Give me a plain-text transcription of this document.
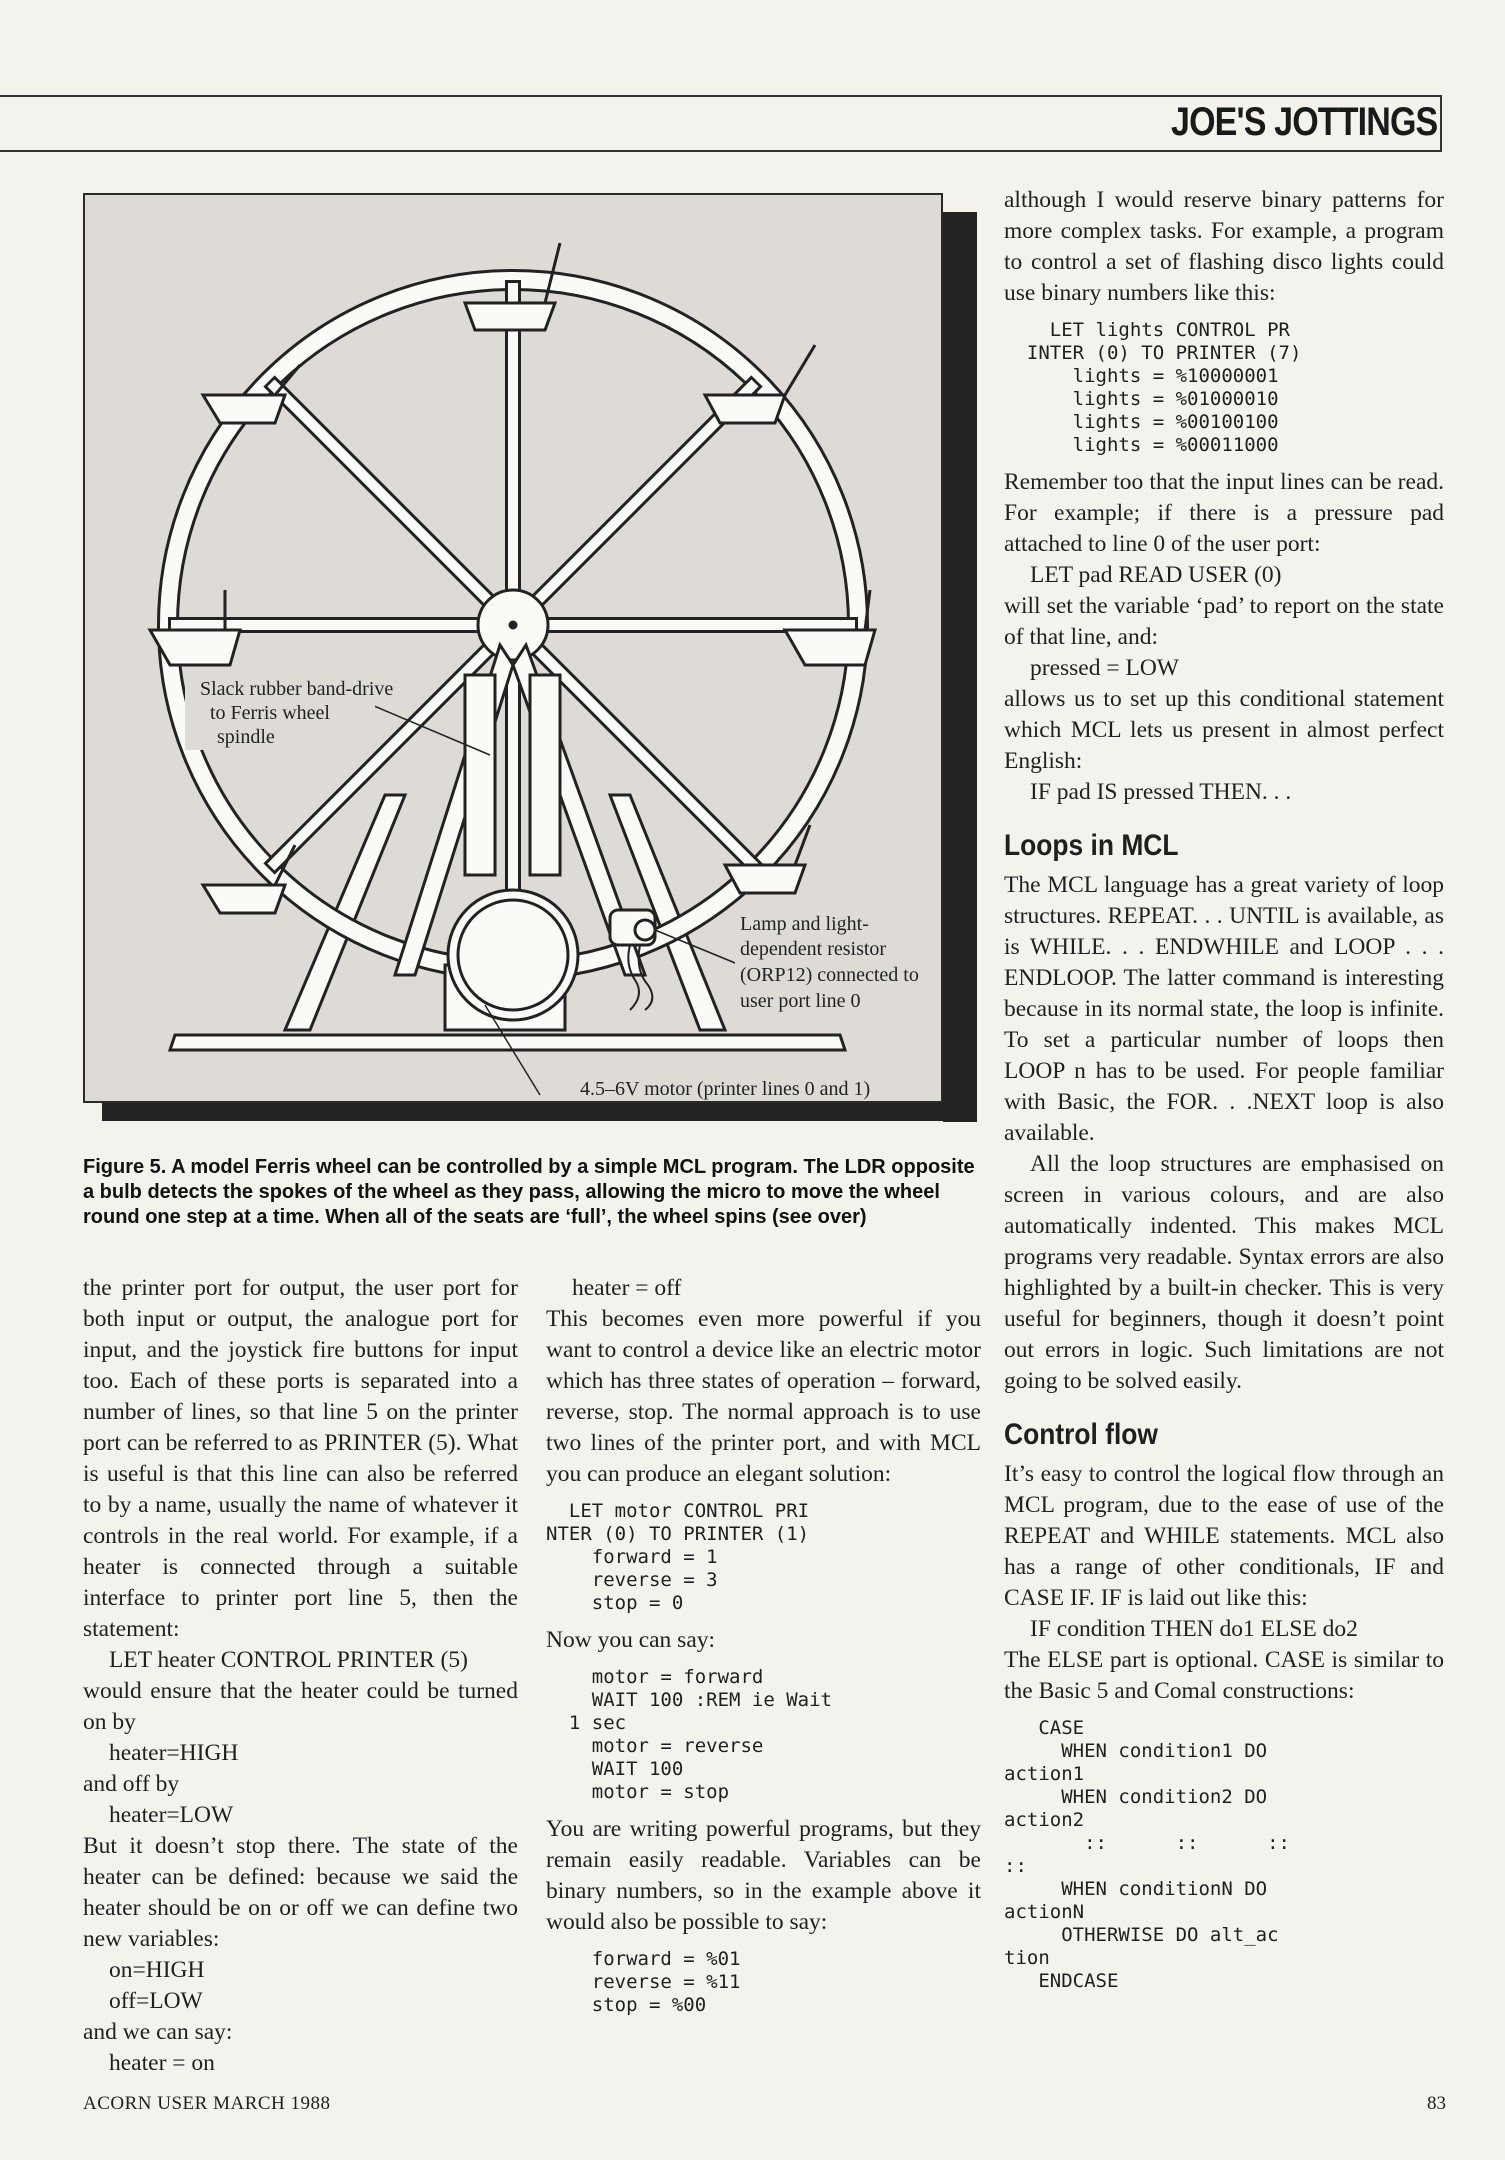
JOE'S JOTTINGS
Slack rubber band-drive
to Ferris wheel
spindle
Lamp and light-
dependent resistor
(ORP12) connected to
user port line 0
4.5–6V motor (printer lines 0 and 1)
Figure 5. A model Ferris wheel can be controlled by a simple MCL program. The LDR opposite a bulb detects the spokes of the wheel as they pass, allowing the micro to move the wheel round one step at a time. When all of the seats are ‘full’, the wheel spins (see over)

the printer port for output, the user port for both input or output, the analogue port for input, and the joystick fire buttons for input too. Each of these ports is separated into a number of lines, so that line 5 on the printer port can be referred to as PRINTER (5). What is useful is that this line can also be referred to by a name, usually the name of whatever it controls in the real world. For example, if a heater is connected through a suitable interface to printer port line 5, then the statement:

LET heater CONTROL PRINTER (5)

would ensure that the heater could be turned on by

heater=HIGH

and off by

heater=LOW

But it doesn’t stop there. The state of the heater can be defined: because we said the heater should be on or off we can define two new variables:

on=HIGH

off=LOW

and we can say:

heater = on

heater = off

This becomes even more powerful if you want to control a device like an electric motor which has three states of operation – forward, reverse, stop. The normal approach is to use two lines of the printer port, and with MCL you can produce an elegant solution:

LET motor CONTROL PRI
NTER (0) TO PRINTER (1)
forward = 1
reverse = 3
stop = 0

Now you can say:

motor = forward
WAIT 100 :REM ie Wait
1 sec
motor = reverse
WAIT 100
motor = stop

You are writing powerful programs, but they remain easily readable. Variables can be binary numbers, so in the example above it would also be possible to say:

forward = %01
reverse = %11
stop = %00

although I would reserve binary patterns for more complex tasks. For example, a program to control a set of flashing disco lights could use binary numbers like this:

LET lights CONTROL PR
INTER (0) TO PRINTER (7)
lights = %10000001
lights = %01000010
lights = %00100100
lights = %00011000

Remember too that the input lines can be read. For example; if there is a pressure pad attached to line 0 of the user port:

LET pad READ USER (0)

will set the variable ‘pad’ to report on the state of that line, and:

pressed = LOW

allows us to set up this conditional statement which MCL lets us present in almost perfect English:

IF pad IS pressed THEN. . .

Loops in MCL

The MCL language has a great variety of loop structures. REPEAT. . . UNTIL is available, as is WHILE. . . ENDWHILE and LOOP . . . ENDLOOP. The latter command is interesting because in its normal state, the loop is infinite. To set a particular number of loops then LOOP n has to be used. For people familiar with Basic, the FOR. . .NEXT loop is also available.

All the loop structures are emphasised on screen in various colours, and are also automatically indented. This makes MCL programs very readable. Syntax errors are also highlighted by a built-in checker. This is very useful for beginners, though it doesn’t point out errors in logic. Such limitations are not going to be solved easily.

Control flow

It’s easy to control the logical flow through an MCL program, due to the ease of use of the REPEAT and WHILE statements. MCL also has a range of other conditionals, IF and CASE IF. IF is laid out like this:

IF condition THEN do1 ELSE do2

The ELSE part is optional. CASE is similar to the Basic 5 and Comal constructions:

CASE
WHEN condition1 DO
action1
WHEN condition2 DO
action2
::      ::      ::
::
WHEN conditionN DO
actionN
OTHERWISE DO alt_ac
tion
ENDCASE
ACORN USER MARCH 1988	83
